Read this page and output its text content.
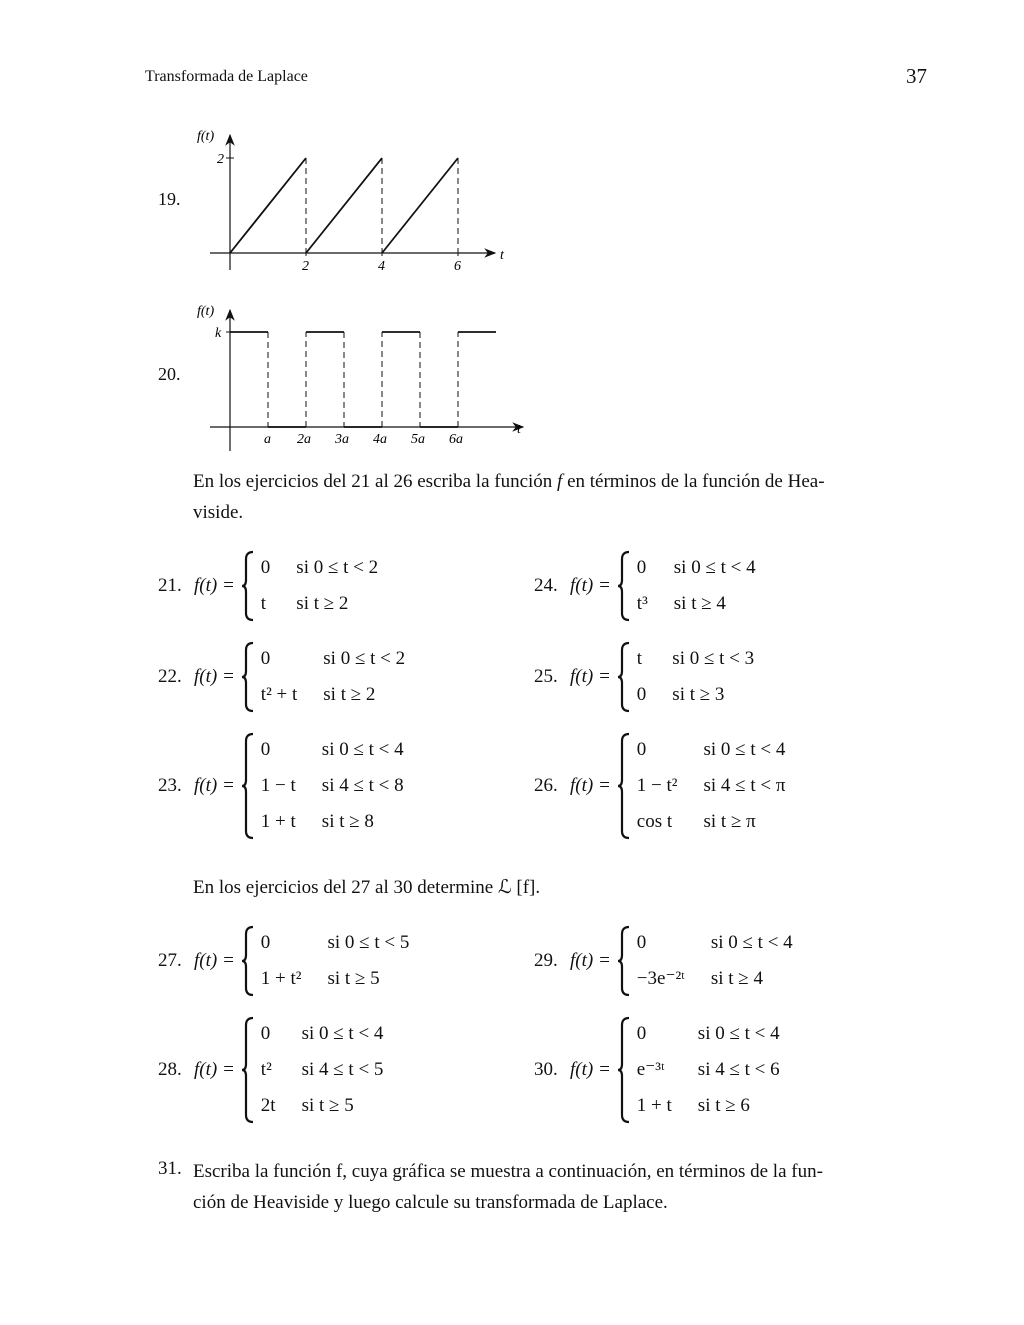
Transformada de Laplace	37
19.
2
2	4	6
f(t)
t
20.
k
a 2a 3a 4a 5a 6a
f(t)
t
En los ejercicios del 21 al 26 escriba la función f en términos de la función de Hea-
viside.
21. f(t) =
0 si 0 ≤ t < 2
t si t ≥ 2
22. f(t) =
0	si 0 ≤ t < 2
t² + t si t ≥ 2
23. f(t) =
0	si 0 ≤ t < 4
1 − t si 4 ≤ t < 8
1 + t si t ≥ 8
24. f(t) =
0 si 0 ≤ t < 4
t³ si t ≥ 4
25. f(t) =
t si 0 ≤ t < 3
0 si t ≥ 3
26. f(t) =
0	si 0 ≤ t < 4
1 − t² si 4 ≤ t < π
cos t si t ≥ π
En los ejercicios del 27 al 30 determine ℒ [f].
27. f(t) =
0	si 0 ≤ t < 5
1 + t² si t ≥ 5
28. f(t) =
0 si 0 ≤ t < 4
t² si 4 ≤ t < 5
2t si t ≥ 5
29. f(t) =
0	si 0 ≤ t < 4
−3e⁻²ᵗ si t ≥ 4
30. f(t) =
0	si 0 ≤ t < 4
e⁻³ᵗ	si 4 ≤ t < 6
1 + t si t ≥ 6
31. Escriba la función f, cuya gráfica se muestra a continuación, en términos de la fun-
ción de Heaviside y luego calcule su transformada de Laplace.
